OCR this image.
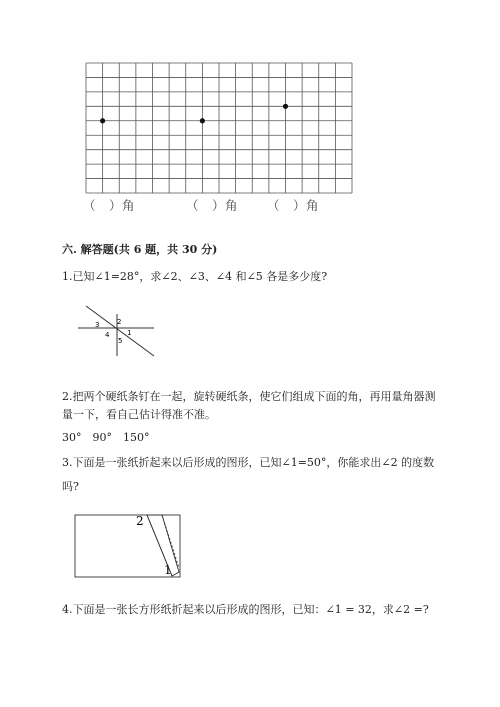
（　）角	（　）角 （　）角
六. 解答题(共 6 题，共 30 分)
1.已知∠1=28°，求∠2、∠3、∠4 和∠5 各是多少度?
3	2
1
4
5
2.把两个硬纸条钉在一起，旋转硬纸条，使它们组成下面的角，再用量角器测
量一下，看自己估计得准不准。
30°　90°　150°
3.下面是一张纸折起来以后形成的图形，已知∠1=50°，你能求出∠2 的度数
吗?
2
1
4.下面是一张长方形纸折起来以后形成的图形，已知：∠1 = 32，求∠2 =?
